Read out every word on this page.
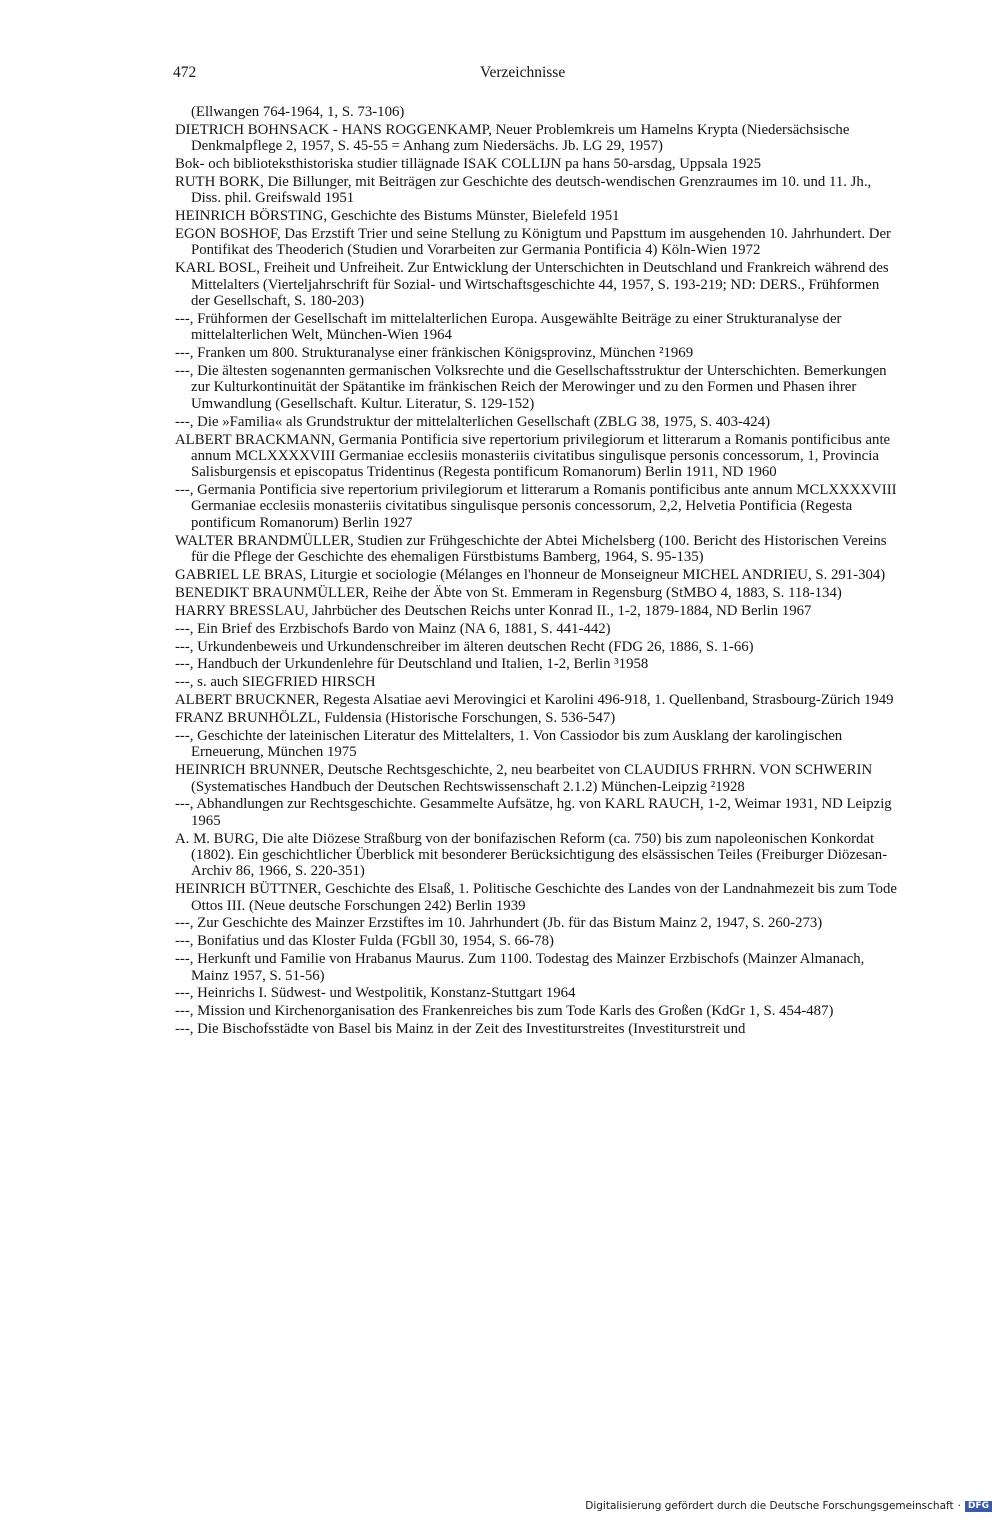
472	Verzeichnisse
(Ellwangen 764-1964, 1, S. 73-106)
DIETRICH BOHNSACK - HANS ROGGENKAMP, Neuer Problemkreis um Hamelns Krypta (Niedersächsische Denkmalpflege 2, 1957, S. 45-55 = Anhang zum Niedersächs. Jb. LG 29, 1957)
Bok- och biblioteksthistoriska studier tillägnade ISAK COLLIJN pa hans 50-arsdag, Uppsala 1925
RUTH BORK, Die Billunger, mit Beiträgen zur Geschichte des deutsch-wendischen Grenzraumes im 10. und 11. Jh., Diss. phil. Greifswald 1951
HEINRICH BÖRSTING, Geschichte des Bistums Münster, Bielefeld 1951
EGON BOSHOF, Das Erzstift Trier und seine Stellung zu Königtum und Papsttum im ausgehenden 10. Jahrhundert. Der Pontifikat des Theoderich (Studien und Vorarbeiten zur Germania Pontificia 4) Köln-Wien 1972
KARL BOSL, Freiheit und Unfreiheit. Zur Entwicklung der Unterschichten in Deutschland und Frankreich während des Mittelalters (Vierteljahrschrift für Sozial- und Wirtschaftsgeschichte 44, 1957, S. 193-219; ND: DERS., Frühformen der Gesellschaft, S. 180-203)
---, Frühformen der Gesellschaft im mittelalterlichen Europa. Ausgewählte Beiträge zu einer Strukturanalyse der mittelalterlichen Welt, München-Wien 1964
---, Franken um 800. Strukturanalyse einer fränkischen Königsprovinz, München ²1969
---, Die ältesten sogenannten germanischen Volksrechte und die Gesellschaftsstruktur der Unterschichten. Bemerkungen zur Kulturkontinuität der Spätantike im fränkischen Reich der Merowinger und zu den Formen und Phasen ihrer Umwandlung (Gesellschaft. Kultur. Literatur, S. 129-152)
---, Die »Familia« als Grundstruktur der mittelalterlichen Gesellschaft (ZBLG 38, 1975, S. 403-424)
ALBERT BRACKMANN, Germania Pontificia sive repertorium privilegiorum et litterarum a Romanis pontificibus ante annum MCLXXXXVIII Germaniae ecclesiis monasteriis civitatibus singulisque personis concessorum, 1, Provincia Salisburgensis et episcopatus Tridentinus (Regesta pontificum Romanorum) Berlin 1911, ND 1960
---, Germania Pontificia sive repertorium privilegiorum et litterarum a Romanis pontificibus ante annum MCLXXXXVIII Germaniae ecclesiis monasteriis civitatibus singulisque personis concessorum, 2,2, Helvetia Pontificia (Regesta pontificum Romanorum) Berlin 1927
WALTER BRANDMÜLLER, Studien zur Frühgeschichte der Abtei Michelsberg (100. Bericht des Historischen Vereins für die Pflege der Geschichte des ehemaligen Fürstbistums Bamberg, 1964, S. 95-135)
GABRIEL LE BRAS, Liturgie et sociologie (Mélanges en l'honneur de Monseigneur MICHEL ANDRIEU, S. 291-304)
BENEDIKT BRAUNMÜLLER, Reihe der Äbte von St. Emmeram in Regensburg (StMBO 4, 1883, S. 118-134)
HARRY BRESSLAU, Jahrbücher des Deutschen Reichs unter Konrad II., 1-2, 1879-1884, ND Berlin 1967
---, Ein Brief des Erzbischofs Bardo von Mainz (NA 6, 1881, S. 441-442)
---, Urkundenbeweis und Urkundenschreiber im älteren deutschen Recht (FDG 26, 1886, S. 1-66)
---, Handbuch der Urkundenlehre für Deutschland und Italien, 1-2, Berlin ³1958
---, s. auch SIEGFRIED HIRSCH
ALBERT BRUCKNER, Regesta Alsatiae aevi Merovingici et Karolini 496-918, 1. Quellenband, Strasbourg-Zürich 1949
FRANZ BRUNHÖLZL, Fuldensia (Historische Forschungen, S. 536-547)
---, Geschichte der lateinischen Literatur des Mittelalters, 1. Von Cassiodor bis zum Ausklang der karolingischen Erneuerung, München 1975
HEINRICH BRUNNER, Deutsche Rechtsgeschichte, 2, neu bearbeitet von CLAUDIUS FRHRN. VON SCHWERIN (Systematisches Handbuch der Deutschen Rechtswissenschaft 2.1.2) München-Leipzig ²1928
---, Abhandlungen zur Rechtsgeschichte. Gesammelte Aufsätze, hg. von KARL RAUCH, 1-2, Weimar 1931, ND Leipzig 1965
A. M. BURG, Die alte Diözese Straßburg von der bonifazischen Reform (ca. 750) bis zum napoleonischen Konkordat (1802). Ein geschichtlicher Überblick mit besonderer Berücksichtigung des elsässischen Teiles (Freiburger Diözesan-Archiv 86, 1966, S. 220-351)
HEINRICH BÜTTNER, Geschichte des Elsaß, 1. Politische Geschichte des Landes von der Landnahmezeit bis zum Tode Ottos III. (Neue deutsche Forschungen 242) Berlin 1939
---, Zur Geschichte des Mainzer Erzstiftes im 10. Jahrhundert (Jb. für das Bistum Mainz 2, 1947, S. 260-273)
---, Bonifatius und das Kloster Fulda (FGbll 30, 1954, S. 66-78)
---, Herkunft und Familie von Hrabanus Maurus. Zum 1100. Todestag des Mainzer Erzbischofs (Mainzer Almanach, Mainz 1957, S. 51-56)
---, Heinrichs I. Südwest- und Westpolitik, Konstanz-Stuttgart 1964
---, Mission und Kirchenorganisation des Frankenreiches bis zum Tode Karls des Großen (KdGr 1, S. 454-487)
---, Die Bischofsstädte von Basel bis Mainz in der Zeit des Investiturstreites (Investiturstreit und
Digitalisierung gefördert durch die Deutsche Forschungsgemeinschaft · DFG
